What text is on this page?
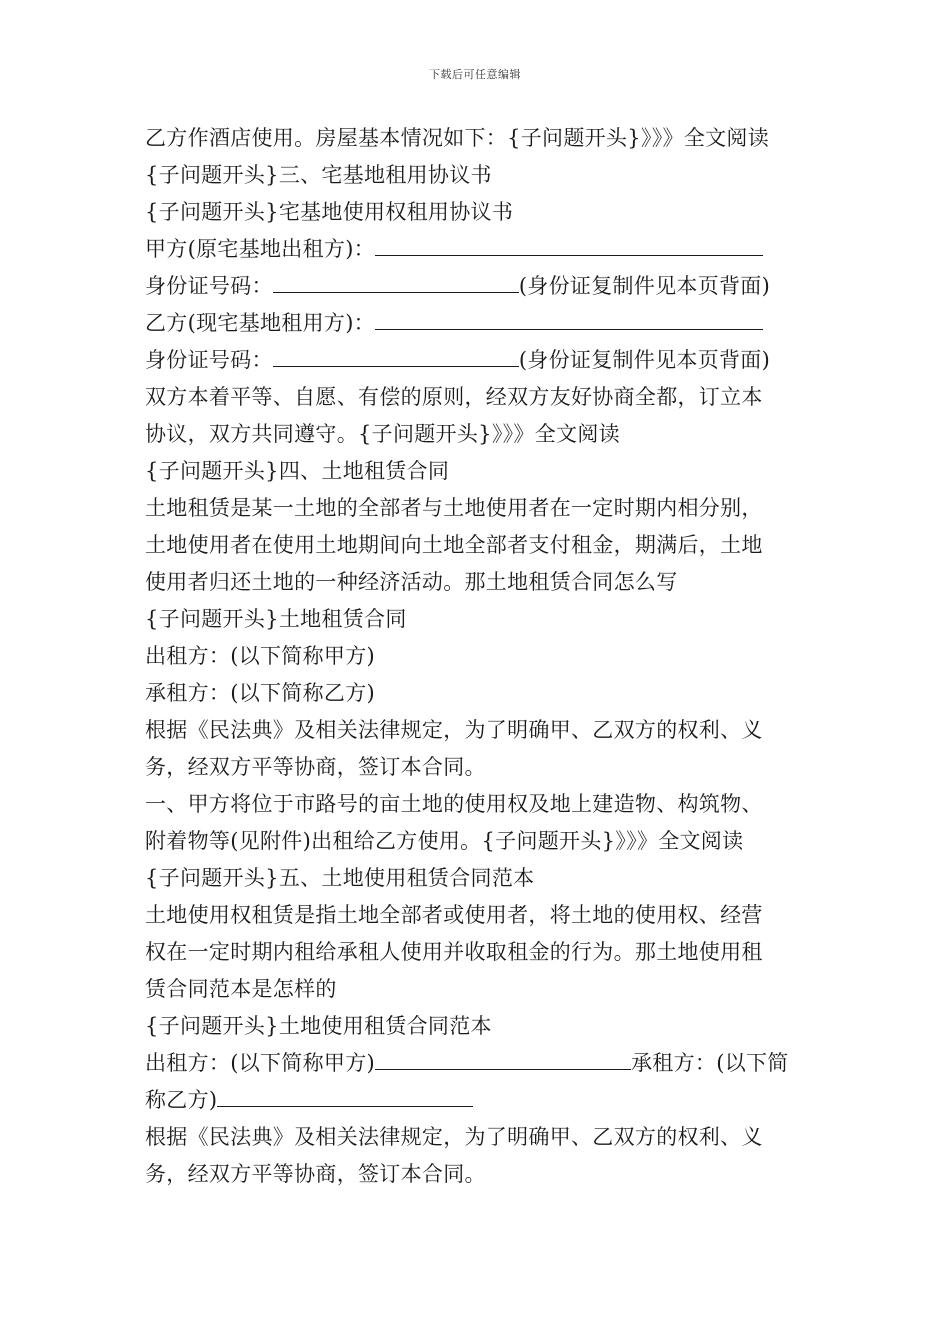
下载后可任意编辑
乙方作酒店使用。房屋基本情况如下：{子问题开头}》》》全文阅读
{子问题开头}三、宅基地租用协议书
{子问题开头}宅基地使用权租用协议书
甲方(原宅基地出租方)：
身份证号码：	(身份证复制件见本页背面)
乙方(现宅基地租用方)：
身份证号码：	(身份证复制件见本页背面)
双方本着平等、自愿、有偿的原则，经双方友好协商全都，订立本
协议，双方共同遵守。{子问题开头}》》》全文阅读
{子问题开头}四、土地租赁合同
土地租赁是某一土地的全部者与土地使用者在一定时期内相分别，
土地使用者在使用土地期间向土地全部者支付租金，期满后，土地
使用者归还土地的一种经济活动。那土地租赁合同怎么写
{子问题开头}土地租赁合同
出租方：(以下简称甲方)
承租方：(以下简称乙方)
根据《民法典》及相关法律规定，为了明确甲、乙双方的权利、义
务，经双方平等协商，签订本合同。
一、甲方将位于市路号的亩土地的使用权及地上建造物、构筑物、
附着物等(见附件)出租给乙方使用。{子问题开头}》》》全文阅读
{子问题开头}五、土地使用租赁合同范本
土地使用权租赁是指土地全部者或使用者，将土地的使用权、经营
权在一定时期内租给承租人使用并收取租金的行为。那土地使用租
赁合同范本是怎样的
{子问题开头}土地使用租赁合同范本
出租方：(以下简称甲方)	承租方：(以下简
称乙方)
根据《民法典》及相关法律规定，为了明确甲、乙双方的权利、义
务，经双方平等协商，签订本合同。
